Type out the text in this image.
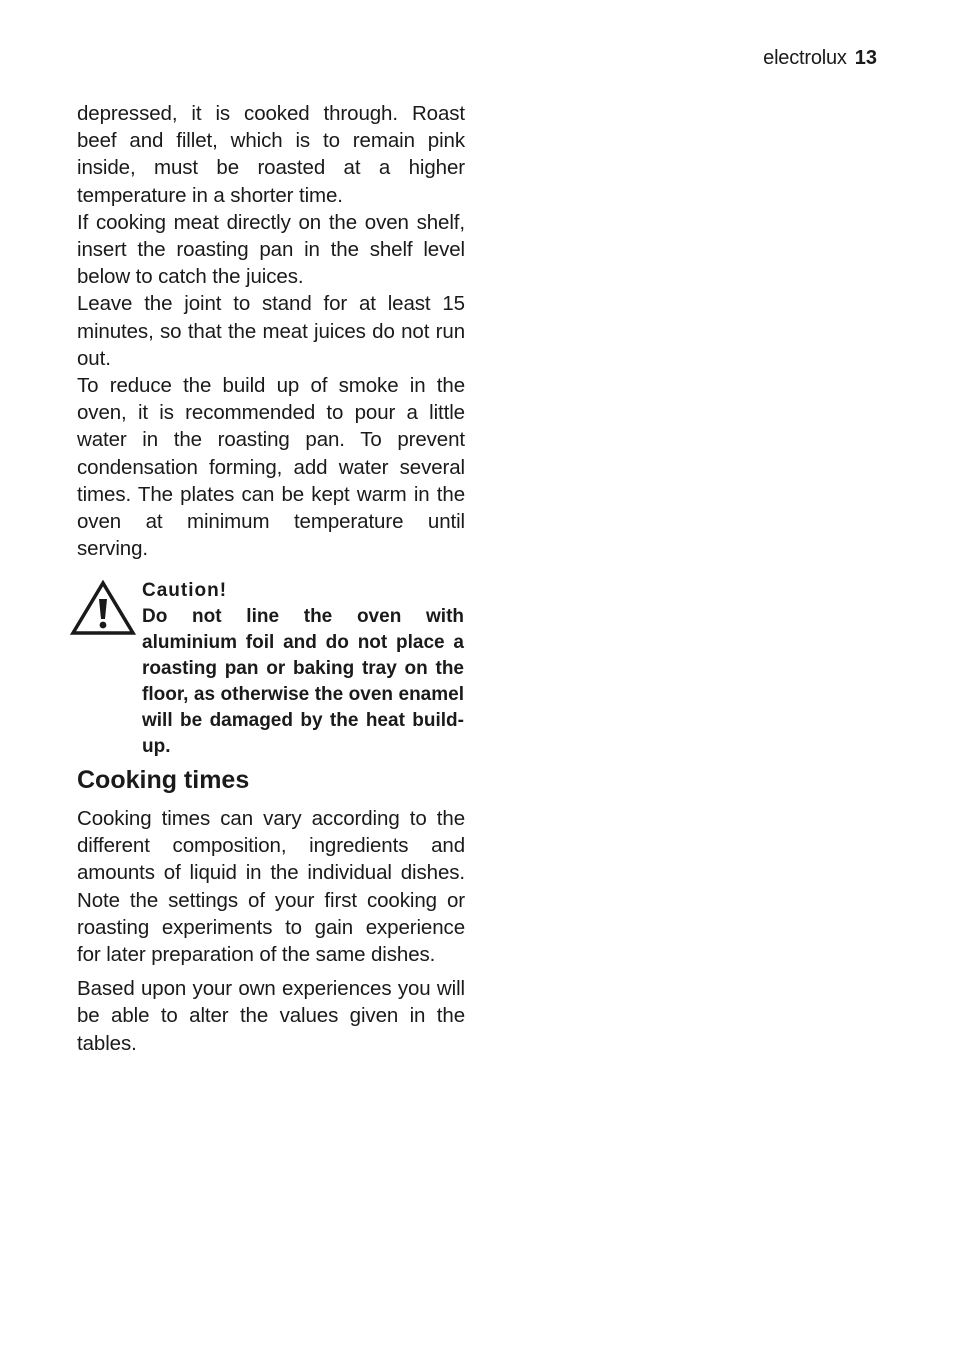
electrolux 13

depressed, it is cooked through. Roast beef and fillet, which is to remain pink inside, must be roasted at a higher temperature in a shorter time.

If cooking meat directly on the oven shelf, insert the roasting pan in the shelf level below to catch the juices.

Leave the joint to stand for at least 15 minutes, so that the meat juices do not run out.

To reduce the build up of smoke in the oven, it is recommended to pour a little water in the roasting pan. To prevent condensation forming, add water several times. The plates can be kept warm in the oven at minimum temperature until serving.

Caution!
Do not line the oven with aluminium foil and do not place a roasting pan or baking tray on the floor, as otherwise the oven enamel will be damaged by the heat build-up.
Cooking times

Cooking times can vary according to the different composition, ingredients and amounts of liquid in the individual dishes. Note the settings of your first cooking or roasting experiments to gain experience for later preparation of the same dishes.

Based upon your own experiences you will be able to alter the values given in the tables.
